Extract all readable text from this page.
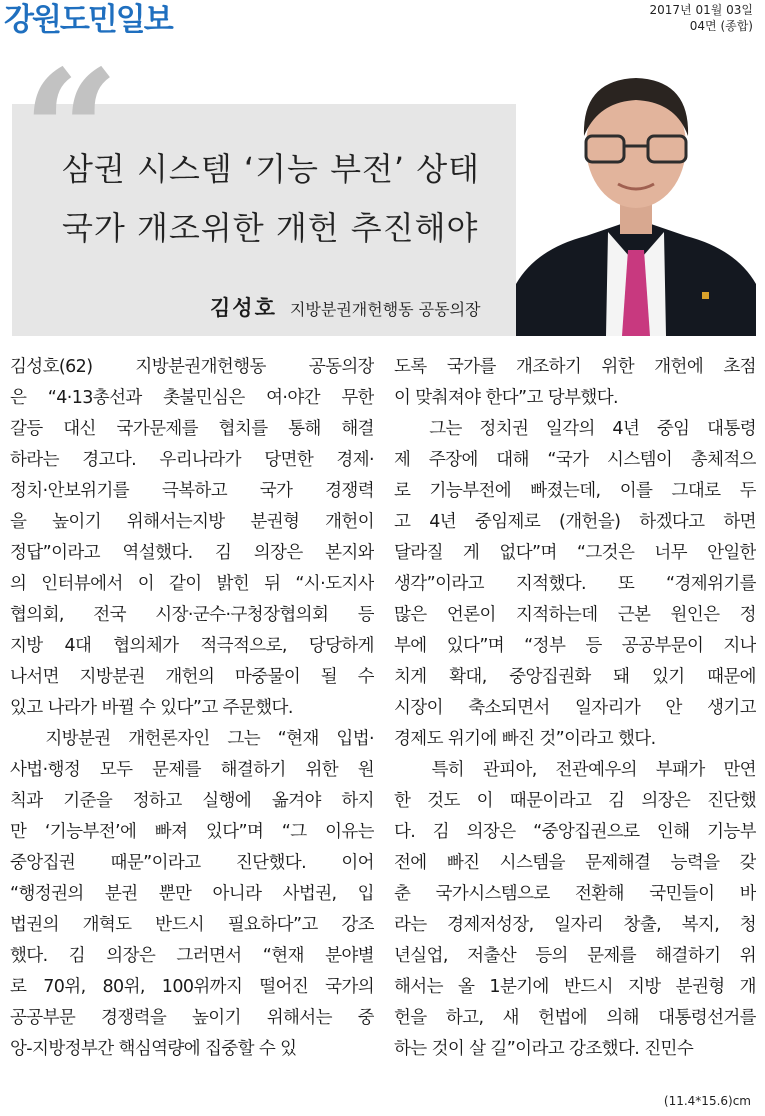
강원도민일보	2017년 01월 03일
04면 (종합)
“
삼권 시스템 ‘기능 부전’ 상태
국가 개조위한 개헌 추진해야
김성호 지방분권개헌행동 공동의장
김성호(62) 지방분권개헌행동 공동의장
은 “4·13총선과 촛불민심은 여·야간 무한
갈등 대신 국가문제를 협치를 통해 해결
하라는 경고다. 우리나라가 당면한 경제·
정치·안보위기를 극복하고 국가 경쟁력
을 높이기 위해서는지방 분권형 개헌이
정답”이라고 역설했다. 김 의장은 본지와
의 인터뷰에서 이 같이 밝힌 뒤 “시·도지사
협의회, 전국 시장·군수·구청장협의회 등
지방 4대 협의체가 적극적으로, 당당하게
나서면 지방분권 개헌의 마중물이 될 수
있고 나라가 바뀔 수 있다”고 주문했다.
지방분권 개헌론자인 그는 “현재 입법·
사법·행정 모두 문제를 해결하기 위한 원
칙과 기준을 정하고 실행에 옮겨야 하지
만 ‘기능부전’에 빠져 있다”며 “그 이유는
중앙집권 때문”이라고 진단했다. 이어
“행정권의 분권 뿐만 아니라 사법권, 입
법권의 개혁도 반드시 필요하다”고 강조
했다. 김 의장은 그러면서 “현재 분야별
로 70위, 80위, 100위까지 떨어진 국가의
공공부문 경쟁력을 높이기 위해서는 중
앙-지방정부간 핵심역량에 집중할 수 있
도록 국가를 개조하기 위한 개헌에 초점
이 맞춰져야 한다”고 당부했다.
그는 정치권 일각의 4년 중임 대통령
제 주장에 대해 “국가 시스템이 총체적으
로 기능부전에 빠졌는데, 이를 그대로 두
고 4년 중임제로 (개헌을) 하겠다고 하면
달라질 게 없다”며 “그것은 너무 안일한
생각”이라고 지적했다. 또 “경제위기를
많은 언론이 지적하는데 근본 원인은 정
부에 있다”며 “정부 등 공공부문이 지나
치게 확대, 중앙집권화 돼 있기 때문에
시장이 축소되면서 일자리가 안 생기고
경제도 위기에 빠진 것”이라고 했다.
특히 관피아, 전관예우의 부패가 만연
한 것도 이 때문이라고 김 의장은 진단했
다. 김 의장은 “중앙집권으로 인해 기능부
전에 빠진 시스템을 문제해결 능력을 갖
춘 국가시스템으로 전환해 국민들이 바
라는 경제저성장, 일자리 창출, 복지, 청
년실업, 저출산 등의 문제를 해결하기 위
해서는 올 1분기에 반드시 지방 분권형 개
헌을 하고, 새 헌법에 의해 대통령선거를
하는 것이 살 길”이라고 강조했다. 진민수
(11.4*15.6)cm
